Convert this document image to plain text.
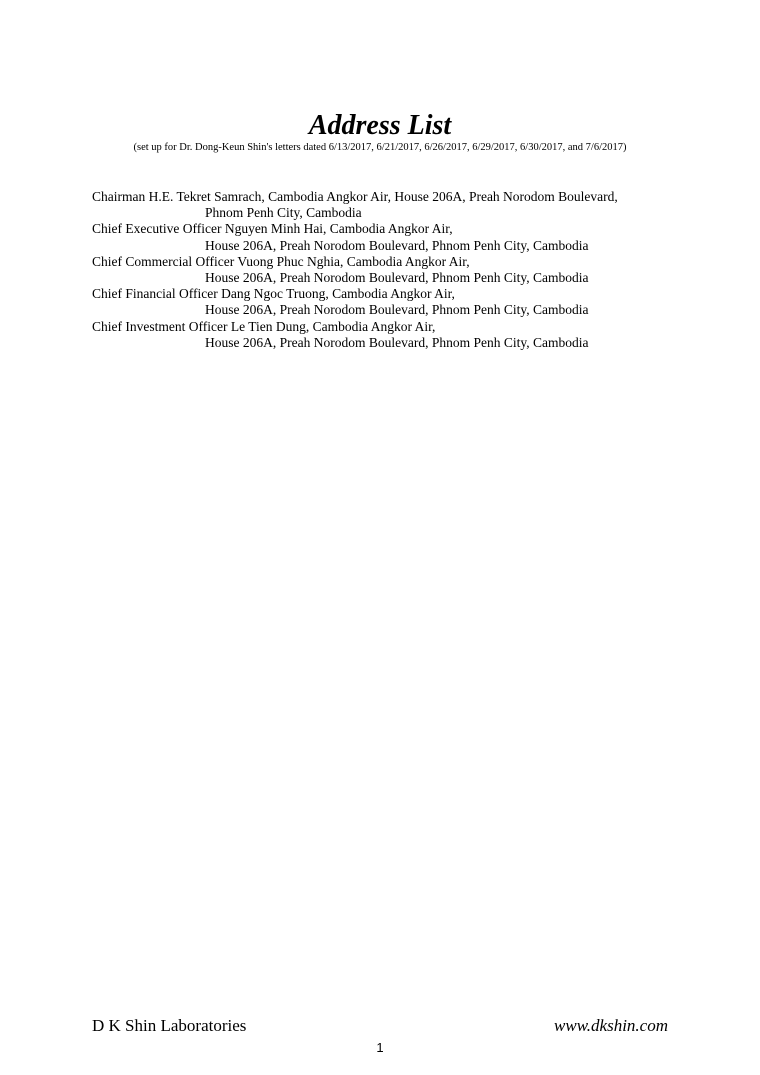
Address List
(set up for Dr. Dong-Keun Shin's letters dated 6/13/2017, 6/21/2017, 6/26/2017, 6/29/2017, 6/30/2017, and 7/6/2017)
Chairman H.E. Tekret Samrach, Cambodia Angkor Air, House 206A, Preah Norodom Boulevard,
Phnom Penh City, Cambodia
Chief Executive Officer Nguyen Minh Hai, Cambodia Angkor Air,
House 206A, Preah Norodom Boulevard, Phnom Penh City, Cambodia
Chief Commercial Officer Vuong Phuc Nghia, Cambodia Angkor Air,
House 206A, Preah Norodom Boulevard, Phnom Penh City, Cambodia
Chief Financial Officer Dang Ngoc Truong, Cambodia Angkor Air,
House 206A, Preah Norodom Boulevard, Phnom Penh City, Cambodia
Chief Investment Officer Le Tien Dung, Cambodia Angkor Air,
House 206A, Preah Norodom Boulevard, Phnom Penh City, Cambodia
D K Shin Laboratories	www.dkshin.com
1
